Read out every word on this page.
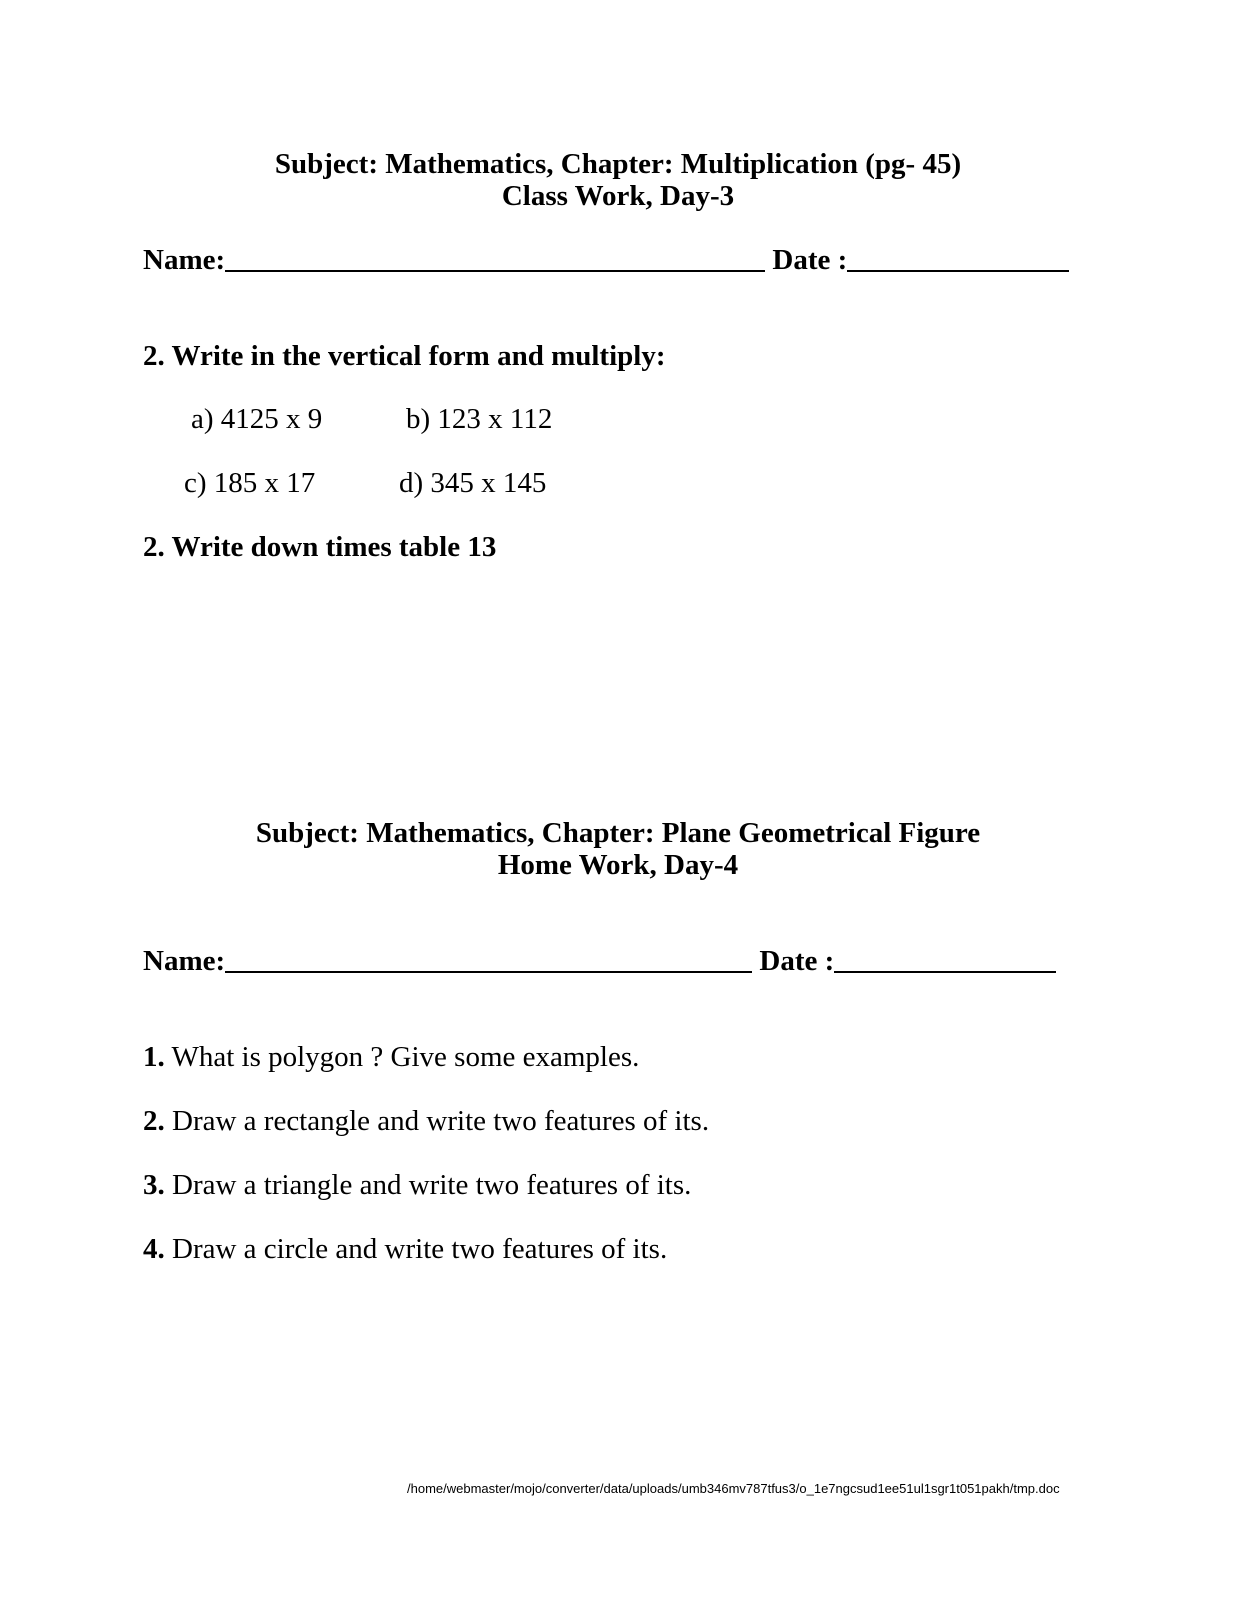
Subject: Mathematics, Chapter: Multiplication (pg- 45)
Class Work, Day-3
Name:	Date :
2. Write in the vertical form and multiply:
a) 4125 x 9	b) 123 x 112
c) 185 x 17	d) 345 x 145
2. Write down times table 13
Subject: Mathematics, Chapter: Plane Geometrical Figure
Home Work, Day-4
Name:	Date :
1. What is polygon ? Give some examples.
2. Draw a rectangle and write two features of its.
3. Draw a triangle and write two features of its.
4. Draw a circle and write two features of its.
/home/webmaster/mojo/converter/data/uploads/umb346mv787tfus3/o_1e7ngcsud1ee51ul1sgr1t051pakh/tmp.doc
